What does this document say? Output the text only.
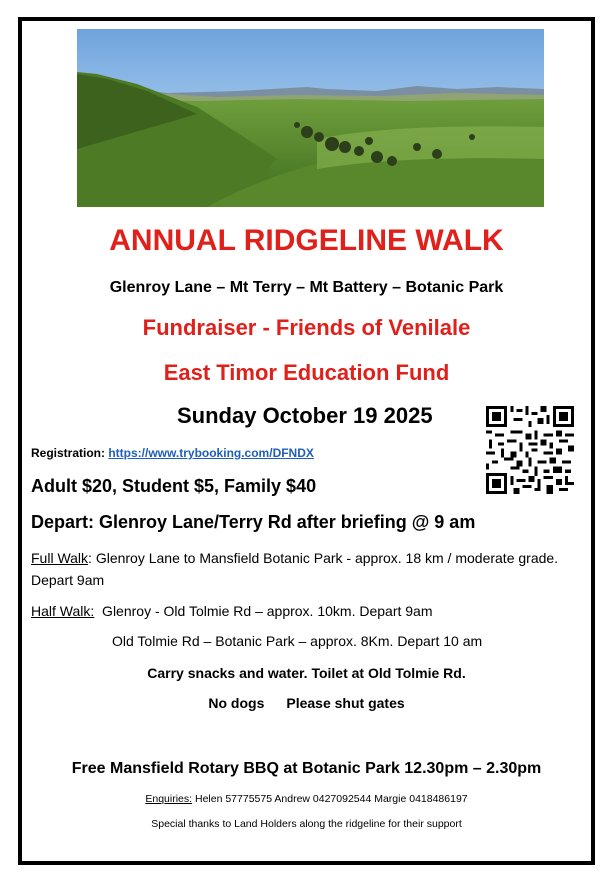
ANNUAL RIDGELINE WALK
Glenroy Lane – Mt Terry – Mt Battery – Botanic Park
Fundraiser - Friends of Venilale
East Timor Education Fund
Sunday October 19 2025
Registration: https://www.trybooking.com/DFNDX
Adult $20, Student $5, Family $40
Depart: Glenroy Lane/Terry Rd after briefing @ 9 am
Full Walk: Glenroy Lane to Mansfield Botanic Park - approx. 18 km / moderate grade. Depart 9am
Half Walk:  Glenroy - Old Tolmie Rd – approx. 10km. Depart 9am
Old Tolmie Rd – Botanic Park – approx. 8Km. Depart 10 am
Carry snacks and water. Toilet at Old Tolmie Rd.
No dogs Please shut gates
Free Mansfield Rotary BBQ at Botanic Park 12.30pm – 2.30pm
Enquiries: Helen 57775575 Andrew 0427092544 Margie 0418486197
Special thanks to Land Holders along the ridgeline for their support
